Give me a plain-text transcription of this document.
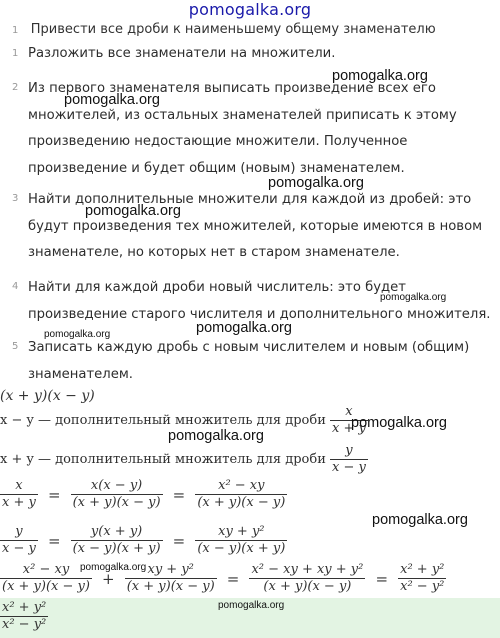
pomogalka.org
$^1$ Привести все дроби к наименьшему общему знаменателю
1 Разложить все знаменатели на множители.
2 Из первого знаменателя выписать произведение всех его множителей, из остальных знаменателей приписать к этому произведению недостающие множители. Полученное произведение и будет общим (новым) знаменателем.
3 Найти дополнительные множители для каждой из дробей: это будут произведения тех множителей, которые имеются в новом знаменателе, но которых нет в старом знаменателе.
4 Найти для каждой дроби новый числитель: это будет произведение старого числителя и дополнительного множителя.
5 Записать каждую дробь с новым числителем и новым (общим) знаменателем.
(x + y)(x − y)
x − y — дополнительный множитель для дроби $\frac{x}{x + y}$
x + y — дополнительный множитель для дроби $\frac{y}{x - y}$
$\frac{x}{x + y} = \frac{x(x - y)}{(x + y)(x - y)} = \frac{\text{x² − xy}}{(x + y)(x - y)}$
$\frac{y}{x - y} = \frac{y(x + y)}{(x - y)(x + y)} = \frac{\text{xy + y²}}{(x - y)(x + y)}$
$\frac{\text{x² − xy}}{(x + y)(x - y)} + \frac{\text{xy + y²}}{(x + y)(x - y)} = \frac{\text{x² − xy + xy + y²}}{(x + y)(x - y)} = \frac{\text{x² + y²}}{\text{x² − y²}}$
$\frac{\text{x² + y²}}{\text{x² − y²}}$
pomogalka.org
pomogalka.org
pomogalka.org
pomogalka.org
pomogalka.org
pomogalka.org
pomogalka.org
pomogalka.org
pomogalka.org
pomogalka.org
pomogalka.org
pomogalka.org
